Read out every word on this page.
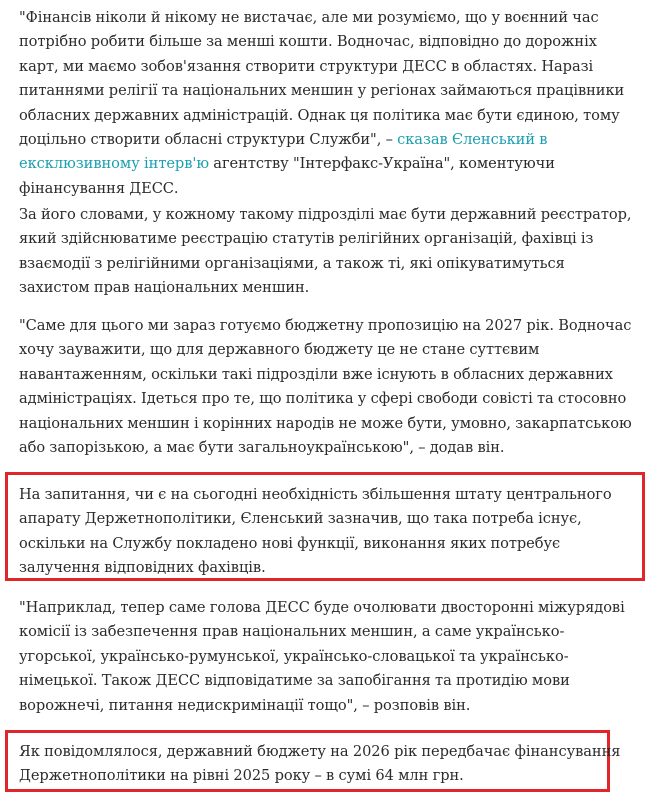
"Фінансів ніколи й нікому не вистачає, але ми розуміємо, що у воєнний час потрібно робити більше за менші кошти. Водночас, відповідно до дорожніх карт, ми маємо зобов'язання створити структури ДЕСС в областях. Наразі питаннями релігії та національних меншин у регіонах займаються працівники обласних державних адміністрацій. Однак ця політика має бути єдиною, тому доцільно створити обласні структури Служби", – сказав Єленський в ексклюзивному інтерв'ю агентству "Інтерфакс-Україна", коментуючи фінансування ДЕСС.

За його словами, у кожному такому підрозділі має бути державний реєстратор, який здійснюватиме реєстрацію статутів релігійних організацій, фахівці із взаємодії з релігійними організаціями, а також ті, які опікуватимуться захистом прав національних меншин.

"Саме для цього ми зараз готуємо бюджетну пропозицію на 2027 рік. Водночас хочу зауважити, що для державного бюджету це не стане суттєвим навантаженням, оскільки такі підрозділи вже існують в обласних державних адміністраціях. Ідеться про те, що політика у сфері свободи совісті та стосовно національних меншин і корінних народів не може бути, умовно, закарпатською або запорізькою, а має бути загальноукраїнською", – додав він.

На запитання, чи є на сьогодні необхідність збільшення штату центрального апарату Держетнополітики, Єленський зазначив, що така потреба існує, оскільки на Службу покладено нові функції, виконання яких потребує залучення відповідних фахівців.

"Наприклад, тепер саме голова ДЕСС буде очолювати двосторонні міжурядові комісії із забезпечення прав національних меншин, а саме українсько-угорської, українсько-румунської, українсько-словацької та українсько-німецької. Також ДЕСС відповідатиме за запобігання та протидію мови ворожнечі, питання недискримінації тощо", – розповів він.

Як повідомлялося, державний бюджету на 2026 рік передбачає фінансування Держетнополітики на рівні 2025 року – в сумі 64 млн грн.
